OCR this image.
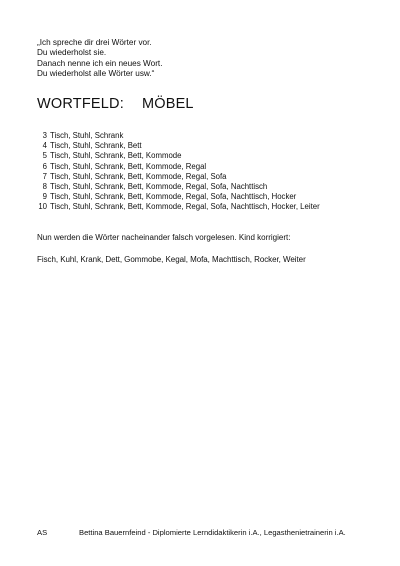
„Ich spreche dir drei Wörter vor.
Du wiederholst sie.
Danach nenne ich ein neues Wort.
Du wiederholst alle Wörter usw.“
WORTFELD: MÖBEL
3 Tisch, Stuhl, Schrank
4 Tisch, Stuhl, Schrank, Bett
5 Tisch, Stuhl, Schrank, Bett, Kommode
6 Tisch, Stuhl, Schrank, Bett, Kommode, Regal
7 Tisch, Stuhl, Schrank, Bett, Kommode, Regal, Sofa
8 Tisch, Stuhl, Schrank, Bett, Kommode, Regal, Sofa, Nachttisch
9 Tisch, Stuhl, Schrank, Bett, Kommode, Regal, Sofa, Nachttisch, Hocker
10 Tisch, Stuhl, Schrank, Bett, Kommode, Regal, Sofa, Nachttisch, Hocker, Leiter
Nun werden die Wörter nacheinander falsch vorgelesen. Kind korrigiert:
Fisch, Kuhl, Krank, Dett, Gommobe, Kegal, Mofa, Machttisch, Rocker, Weiter
AS	Bettina Bauernfeind - Diplomierte Lerndidaktikerin i.A., Legasthenietrainerin i.A.
